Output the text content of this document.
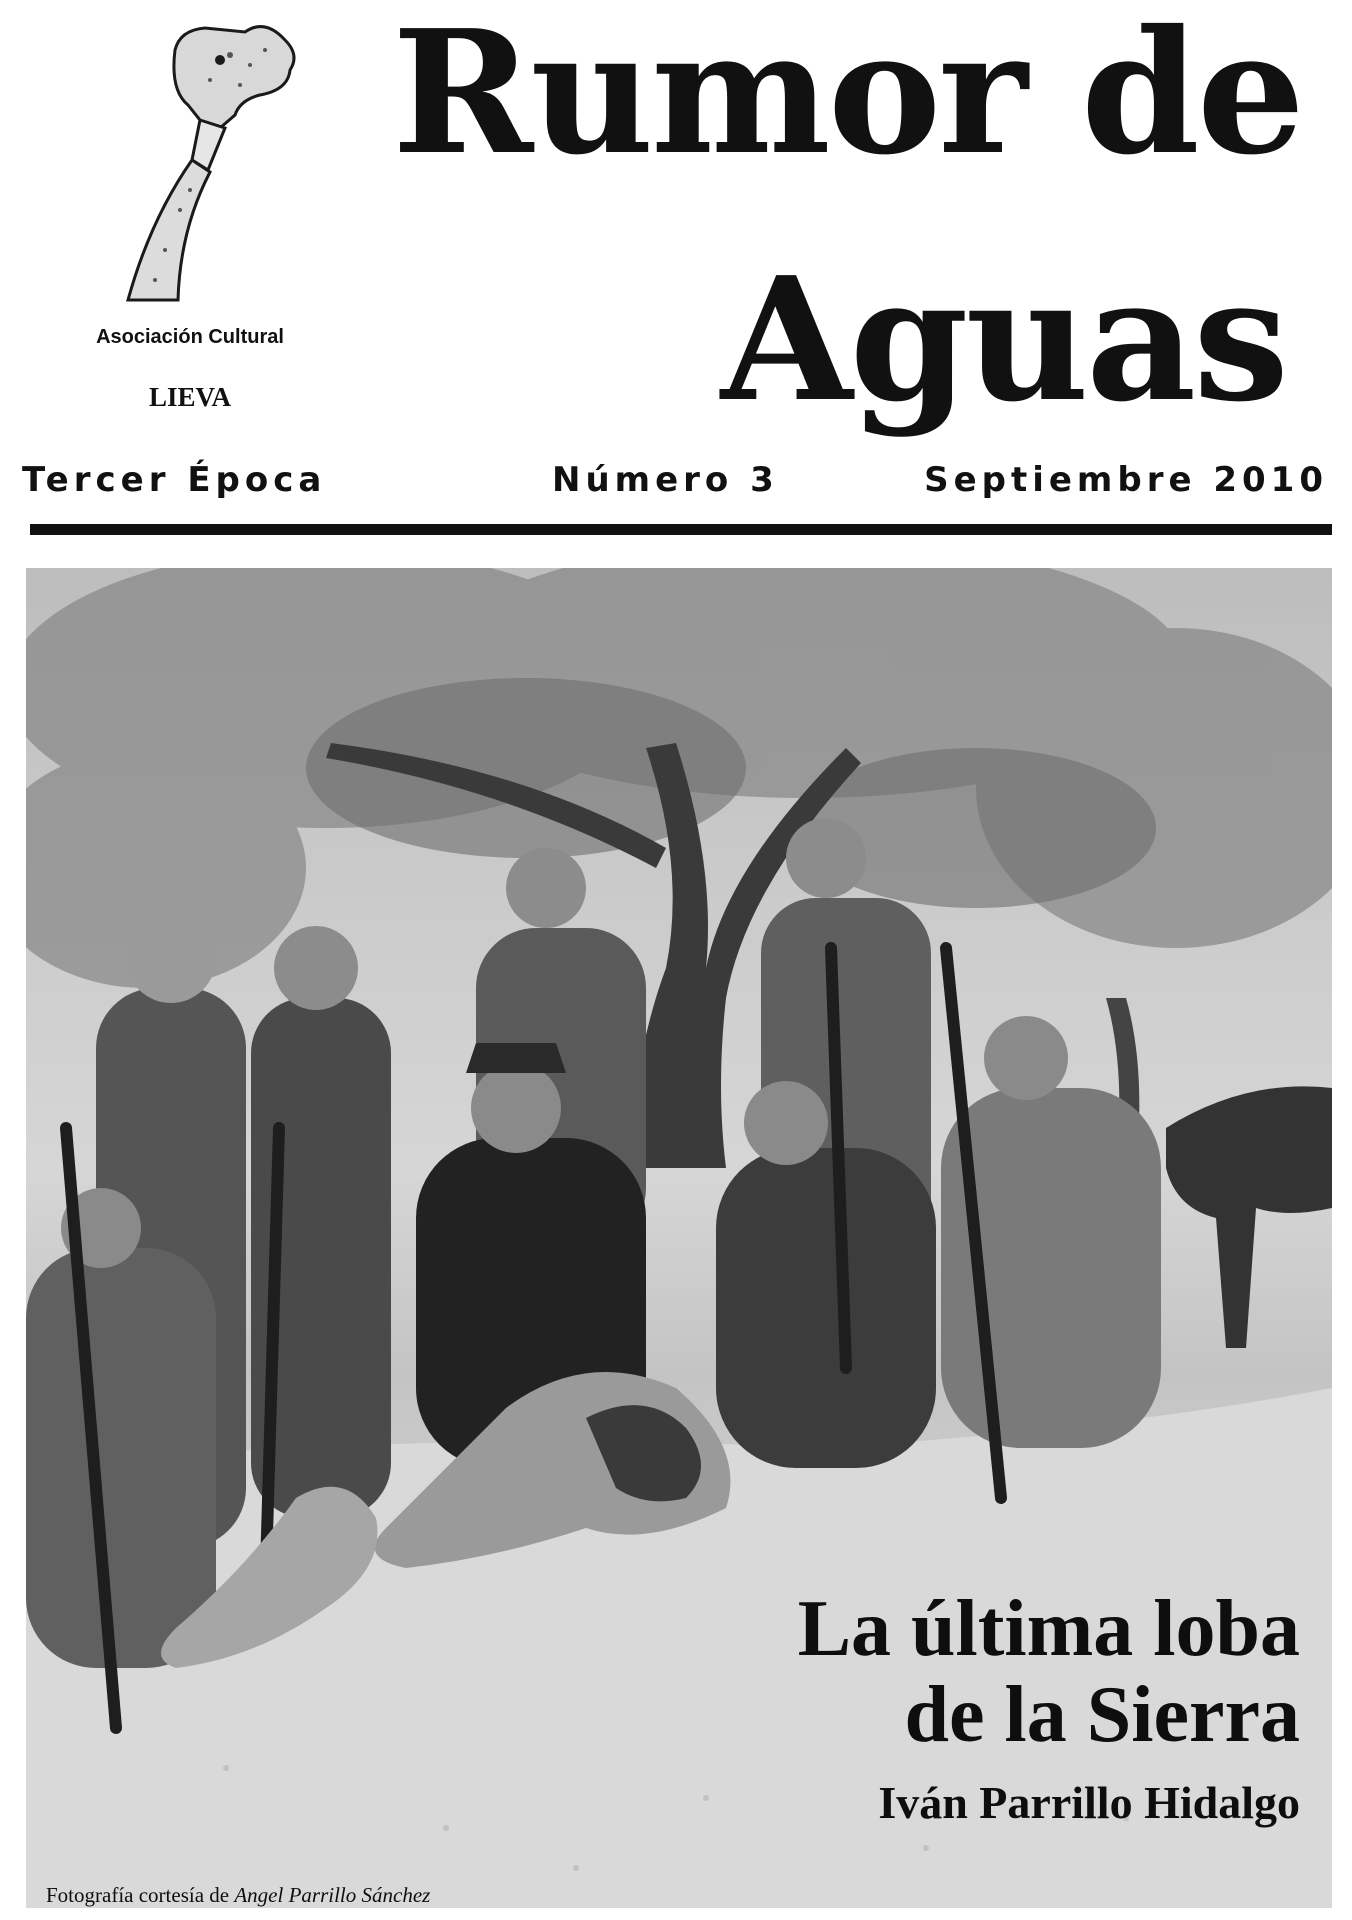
Asociación Cultural
LIEVA
Rumor de
Aguas
Tercer Época	Número 3	Septiembre 2010
La última loba
de la Sierra

Iván Parrillo Hidalgo

Fotografía cortesía de Angel Parrillo Sánchez
